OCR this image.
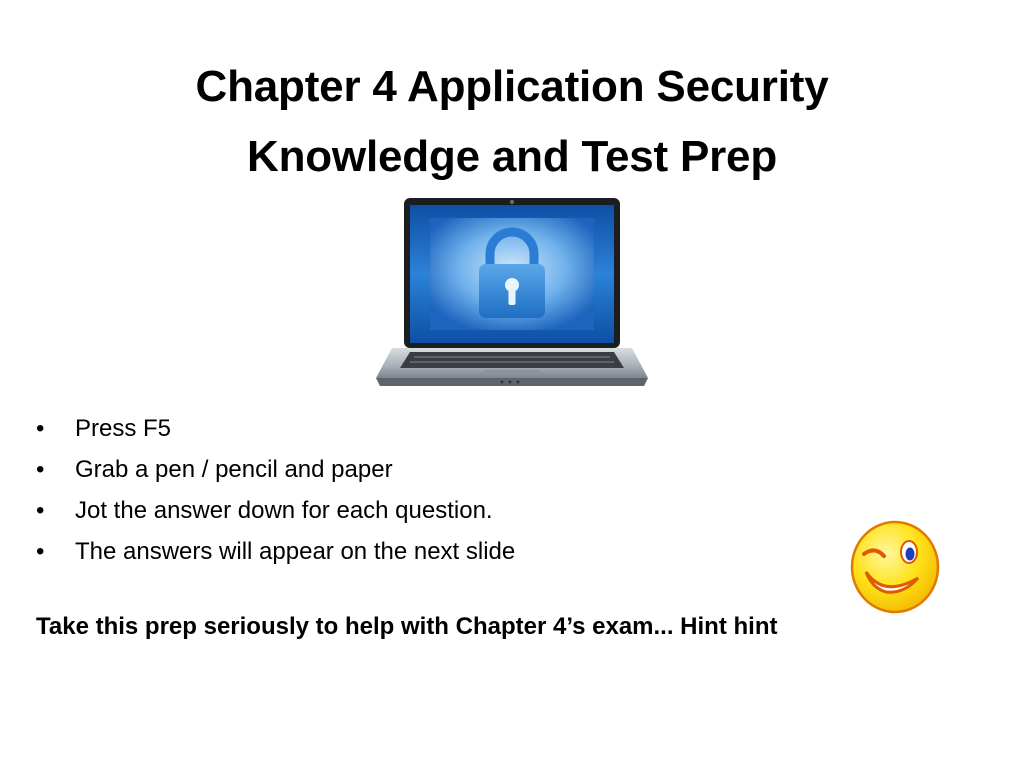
Chapter 4 Application Security
Knowledge and Test Prep
• Press F5
• Grab a pen / pencil and paper
• Jot the answer down for each question.
• The answers will appear on the next slide

Take this prep seriously to help with Chapter 4’s exam... Hint hint
